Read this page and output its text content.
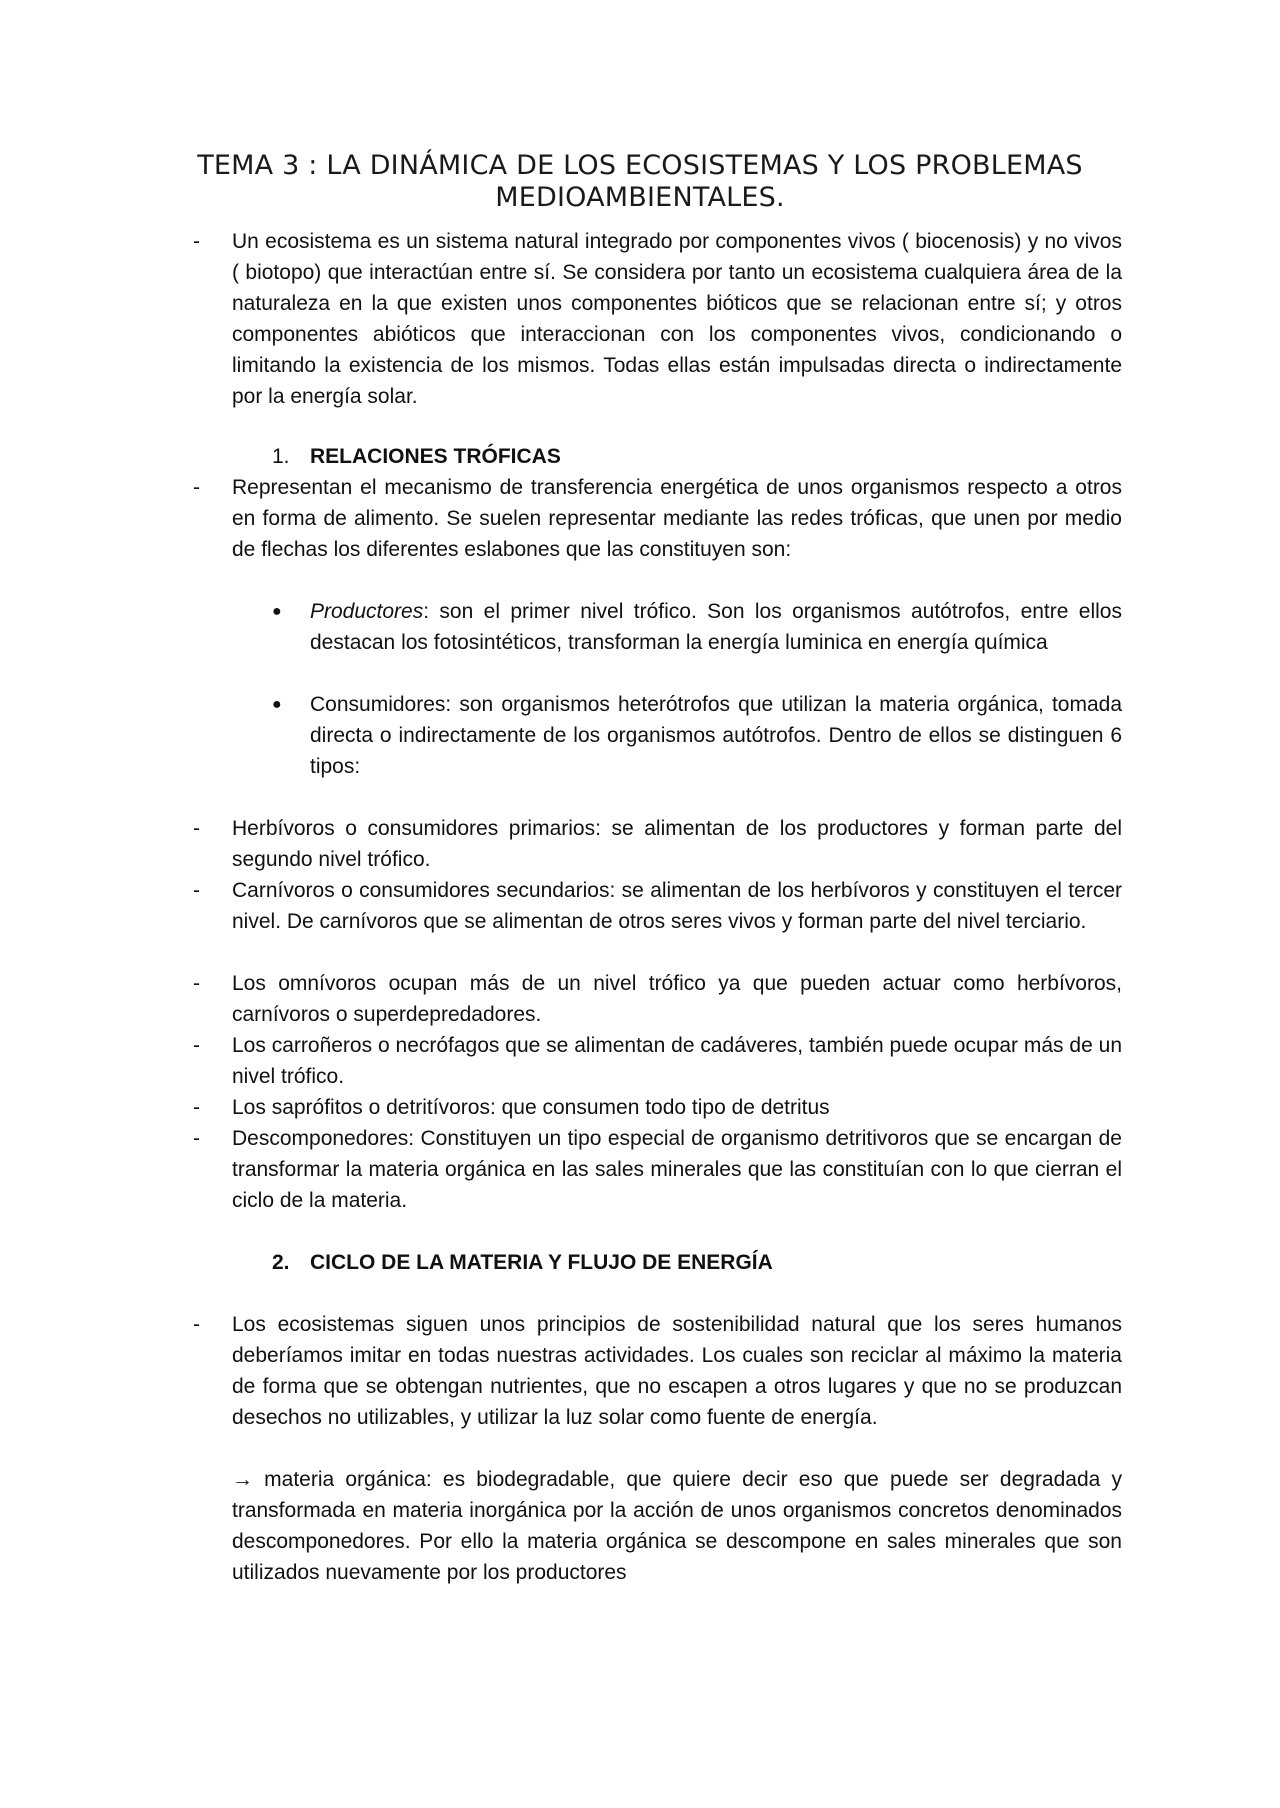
TEMA 3 : LA DINÁMICA DE LOS ECOSISTEMAS Y LOS PROBLEMAS MEDIOAMBIENTALES.
- Un ecosistema es un sistema natural integrado por componentes vivos ( biocenosis) y no vivos ( biotopo) que interactúan entre sí. Se considera por tanto un ecosistema cualquiera área de la naturaleza en la que existen unos componentes bióticos que se relacionan entre sí; y otros componentes abióticos que interaccionan con los componentes vivos, condicionando o limitando la existencia de los mismos. Todas ellas están impulsadas directa o indirectamente por la energía solar.
1. RELACIONES TRÓFICAS
- Representan el mecanismo de transferencia energética de unos organismos respecto a otros en forma de alimento. Se suelen representar mediante las redes tróficas, que unen por medio de flechas los diferentes eslabones que las constituyen son:
● Productores: son el primer nivel trófico. Son los organismos autótrofos, entre ellos destacan los fotosintéticos, transforman la energía luminica en energía química
● Consumidores: son organismos heterótrofos que utilizan la materia orgánica, tomada directa o indirectamente de los organismos autótrofos. Dentro de ellos se distinguen 6 tipos:
- Herbívoros o consumidores primarios: se alimentan de los productores y forman parte del segundo nivel trófico.
- Carnívoros o consumidores secundarios: se alimentan de los herbívoros y constituyen el tercer nivel. De carnívoros que se alimentan de otros seres vivos y forman parte del nivel terciario.
- Los omnívoros ocupan más de un nivel trófico ya que pueden actuar como herbívoros, carnívoros o superdepredadores.
- Los carroñeros o necrófagos que se alimentan de cadáveres, también puede ocupar más de un nivel trófico.
- Los saprófitos o detritívoros: que consumen todo tipo de detritus
- Descomponedores: Constituyen un tipo especial de organismo detritivoros que se encargan de transformar la materia orgánica en las sales minerales que las constituían con lo que cierran el ciclo de la materia.
2. CICLO DE LA MATERIA Y FLUJO DE ENERGÍA
- Los ecosistemas siguen unos principios de sostenibilidad natural que los seres humanos deberíamos imitar en todas nuestras actividades. Los cuales son reciclar al máximo la materia de forma que se obtengan nutrientes, que no escapen a otros lugares y que no se produzcan desechos no utilizables, y utilizar la luz solar como fuente de energía.
→ materia orgánica: es biodegradable, que quiere decir eso que puede ser degradada y transformada en materia inorgánica por la acción de unos organismos concretos denominados descomponedores. Por ello la materia orgánica se descompone en sales minerales que son utilizados nuevamente por los productores
